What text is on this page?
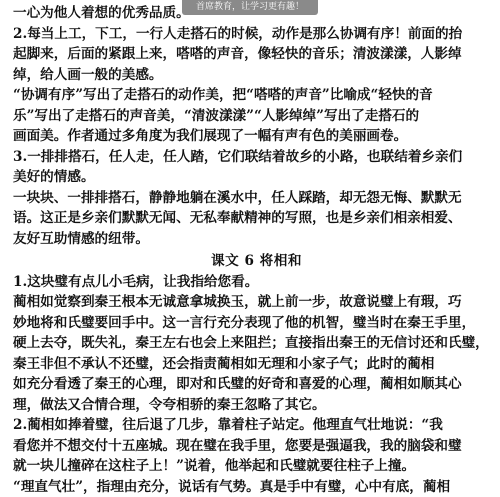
首席教育，让学习更有趣！
一心为他人着想的优秀品质。
2.每当上工，下工，一行人走搭石的时候，动作是那么协调有序！前面的抬
起脚来，后面的紧跟上来，嗒嗒的声音，像轻快的音乐；清波漾漾，人影绰
绰，给人画一般的美感。
“协调有序”写出了走搭石的动作美，把“嗒嗒的声音”比喻成“轻快的音
乐”写出了走搭石的声音美，“清波漾漾”“人影绰绰”写出了走搭石的
画面美。作者通过多角度为我们展现了一幅有声有色的美丽画卷。
3.一排排搭石，任人走，任人踏，它们联结着故乡的小路，也联结着乡亲们
美好的情感。
一块块、一排排搭石，静静地躺在溪水中，任人踩踏，却无怨无悔、默默无
语。这正是乡亲们默默无闻、无私奉献精神的写照，也是乡亲们相亲相爱、
友好互助情感的纽带。
课文 6 将相和
1.这块璧有点儿小毛病，让我指给您看。
蔺相如觉察到秦王根本无诚意拿城换玉，就上前一步，故意说璧上有瑕，巧
妙地将和氏璧要回手中。这一言行充分表现了他的机智，璧当时在秦王手里，
硬上去夺，既失礼，秦王左右也会上来阻拦；直接指出秦王的无信讨还和氏璧，
秦王非但不承认不还璧，还会指责蔺相如无理和小家子气；此时的蔺相
如充分看透了秦王的心理，即对和氏璧的好奇和喜爱的心理，蔺相如顺其心
理，做法又合情合理，令夸相骄的秦王忽略了其它。
2.蔺相如捧着璧，往后退了几步，靠着柱子站定。他理直气壮地说：“我
看您并不想交付十五座城。现在璧在我手里，您要是强逼我，我的脑袋和璧
就一块儿撞碎在这柱子上！”说着，他举起和氏璧就要往柱子上撞。
“理直气壮”，指理由充分，说话有气势。真是手中有璧，心中有底，蔺相
